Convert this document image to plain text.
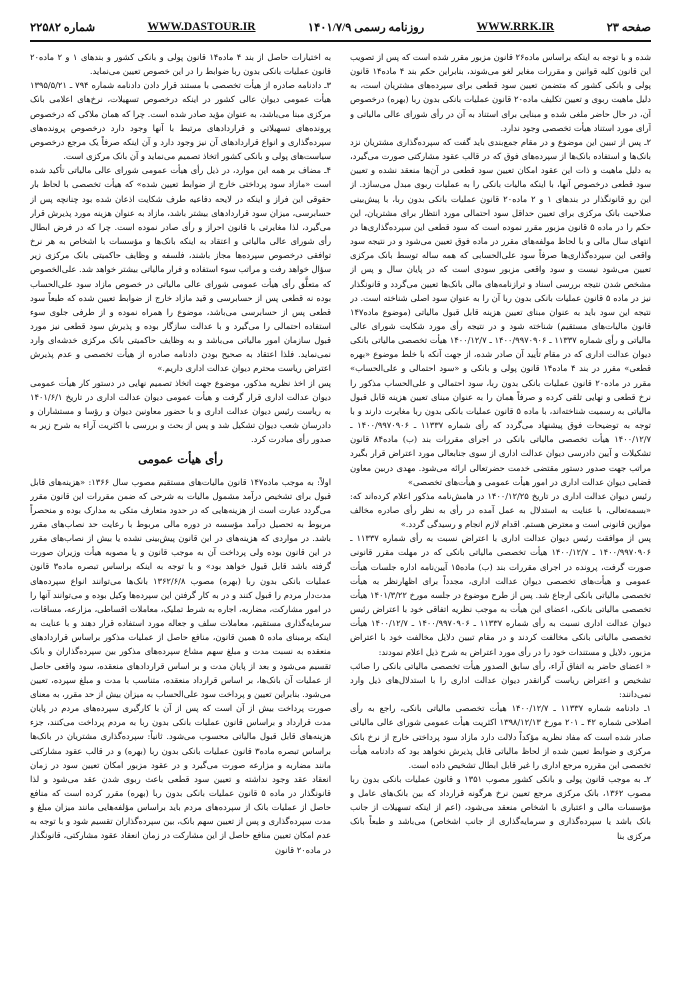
شماره ۲۲۵۸۲	WWW.DASTOUR.IR	روزنامه رسمی ۱۴۰۱/۷/۹	WWW.RRK.IR	صفحه ۲۳

شده و با توجه به اینکه براساس ماده۲۶ قانون مزبور مقرر شده است که پس از تصویب این قانون کلیه قوانین و مقررات مغایر لغو می‌شوند، بنابراین حکم بند ۴ ماده۱۴ قانون پولی و بانکی کشور که متضمن تعیین سود قطعی برای سپرده‌های مشتریان است، به دلیل ماهیت ربوی و تعیین تکلیف ماده۲۰ قانون عملیات بانکی بدون ربا (بهره) درخصوص آن، در حال حاضر ملغی شده و مبنایی برای استناد به آن در رأی شورای عالی مالیاتی و آرای مورد استناد هیأت تخصصی وجود ندارد.

۲ـ پس از تبیین این موضوع و در مقام جمع‌بندی باید گفت که سپرده‌گذاری مشتریان نزد بانک‌ها و استفاده بانک‌ها از سپرده‌های فوق که در قالب عقود مشارکتی صورت می‌گیرد، به دلیل ماهیت و ذات این عقود امکان تعیین سود قطعی در آن‌ها منعقد نشده و تعیین سود قطعی درخصوص آنها، با اینکه مالیات بانکی را به عملیات ربوی مبدل می‌سازد. از این رو قانونگذار در بندهای ۱ و ۲ ماده۲۰ قانون عملیات بانکی بدون ربا، با پیش‌بینی صلاحیت بانک مرکزی برای تعیین حداقل سود احتمالی مورد انتظار برای مشتریان، این حکم را در ماده ۵ قانون مزبور مقرر نموده است که سود قطعی این سپرده‌گذاری‌ها در انتهای سال مالی و با لحاظ مولفه‌های مقرر در ماده فوق تعیین می‌شود و در نتیجه سود واقعی این سپرده‌گذاری‌ها صرفاً سود علی‌الحسابی که همه ساله توسط بانک مرکزی تعیین می‌شود نیست و سود واقعی مزبور سودی است که در پایان سال و پس از مشخص شدن نتیجه بررسی اسناد و ترازنامه‌های مالی بانک‌ها تعیین می‌گردد و قانونگذار نیز در ماده ۵ قانون عملیات بانکی بدون ربا آن را به عنوان سود اصلی شناخته است. در نتیجه این سود باید به عنوان مبنای تعیین هزینه قابل قبول مالیاتی (موضوع ماده۱۴۷ قانون مالیات‌های مستقیم) شناخته شود و در نتیجه رأی مورد شکایت شورای عالی مالیاتی و رأی شماره ۱۱۳۳۷ ـ ۱۴۰۰/۹۹۷۰۹۰۶ ـ ۱۴۰۰/۱۲/۷ هیأت تخصصی مالیاتی بانکی دیوان عدالت اداری که در مقام تأیید آن صادر شده، از جهت آنکه با خلط موضوع «بهره قطعی» مقرر در بند ۴ ماده۱۴ قانون پولی و بانکی و «سود احتمالی و علی‌الحساب» مقرر در ماده۲۰ قانون عملیات بانکی بدون ربا، سود احتمالی و علی‌الحساب مذکور را نرخ قطعی و نهایی تلقی کرده و صرفاً همان را به عنوان مبنای تعیین هزینه قابل قبول مالیاتی به رسمیت شناخته‌اند، با ماده ۵ قانون عملیات بانکی بدون ربا مغایرت دارند و با توجه به توضیحات فوق پیشنهاد می‌گردد که رأی شماره ۱۱۳۳۷ ـ ۱۴۰۰/۹۹۷۰۹۰۶ ـ ۱۴۰۰/۱۲/۷ هیأت تخصصی مالیاتی بانکی در اجرای مقررات بند (ب) ماده۸۴ قانون تشکیلات و آیین دادرسی دیوان عدالت اداری از سوی جنابعالی مورد اعتراض قرار بگیرد مراتب جهت صدور دستور مقتضی خدمت حضرتعالی ارائه می‌شود. مهدی دربین معاون قضایی دیوان عدالت اداری در امور هیأت عمومی و هیأت‌های تخصصی»

رئیس دیوان عدالت اداری در تاریخ ۱۴۰۰/۱۲/۲۵ در هامش‌نامه مذکور اعلام کرده‌اند که: «بسمه‌تعالی، با عنایت به استدلال به عمل آمده در رأی به نظر رأی صادره مخالف موازین قانونی است و معترض هستم. اقدام لازم انجام و رسیدگی گردد.»

پس از موافقت رئیس دیوان عدالت اداری با اعتراض نسبت به رأی شماره ۱۱۳۳۷ ـ ۱۴۰۰/۹۹۷۰۹۰۶ ـ ۱۴۰۰/۱۲/۷ هیأت تخصصی مالیاتی بانکی که در مهلت مقرر قانونی صورت گرفت، پرونده در اجرای مقررات بند (ب) ماده۱۵ آیین‌نامه اداره جلسات هیأت عمومی و هیأت‌های تخصصی دیوان عدالت اداری، مجدداً برای اظهارنظر به هیأت تخصصی مالیاتی بانکی ارجاع شد. پس از طرح موضوع در جلسه مورخ ۱۴۰۱/۳/۲۲ هیأت تخصصی مالیاتی بانکی، اعضای این هیأت به موجب نظریه اتفاقی خود با اعتراض رئیس دیوان عدالت اداری نسبت به رأی شماره ۱۱۳۳۷ ـ ۱۴۰۰/۹۹۷۰۹۰۶ ـ ۱۴۰۰/۱۲/۷ هیأت تخصصی مالیاتی بانکی مخالفت کردند و در مقام تبیین دلایل مخالفت خود با اعتراض مزبور، دلایل و مستندات خود را در رأی مورد اعتراض به شرح ذیل اعلام نمودند:

« اعضای حاضر به اتفاق آراء، رأی سابق الصدور هیأت تخصصی مالیاتی بانکی را صائب تشخیص و اعتراض ریاست گرانقدر دیوان عدالت اداری را با استدلال‌های ذیل وارد نمی‌دانند:

۱ـ دادنامه شماره ۱۱۳۳۷ ـ ۱۴۰۰/۱۲/۷ هیأت تخصصی مالیاتی بانکی، راجع به رأی اصلاحی شماره ۴۲ ـ ۲۰۱ مورخ ۱۳۹۸/۱۲/۱۳ اکثریت هیأت عمومی شورای عالی مالیاتی صادر شده است که مفاد نظریه مؤکداً دلالت دارد مازاد سود پرداختی خارج از نرخ بانک مرکزی و ضوابط تعیین شده از لحاظ مالیاتی قابل پذیرش نخواهد بود که دادنامه هیأت تخصصی این مقرره مرجع اداری را غیر قابل ابطال تشخیص داده است.

۲ـ به موجب قانون پولی و بانکی کشور مصوب ۱۳۵۱ و قانون عملیات بانکی بدون ربا مصوب ۱۳۶۲، بانک مرکزی مرجع تعیین نرخ هرگونه قرارداد که بین بانک‌های عامل و مؤسسات مالی و اعتباری با اشخاص منعقد می‌شود، (اعم از اینکه تسهیلات از جانب بانک باشد یا سپرده‌گذاری و سرمایه‌گذاری از جانب اشخاص) می‌باشد و طبعاً بانک مرکزی بنا

به اختیارات حاصل از بند ۴ ماده۱۴ قانون پولی و بانکی کشور و بندهای ۱ و ۲ ماده۲۰ قانون عملیات بانکی بدون ربا ضوابط را در این خصوص تعیین می‌نماید.

۳ـ دادنامه صادره از هیأت تخصصی با مستند قرار دادن دادنامه شماره ۷۹۴ ـ ۱۳۹۵/۵/۲۱ هیأت عمومی دیوان عالی کشور در اینکه درخصوص تسهیلات، نرخ‌های اعلامی بانک مرکزی مبنا می‌باشد، به عنوان مؤید صادر شده است. چرا که همان ملاکی که درخصوص پرونده‌های تسهیلاتی و قراردادهای مرتبط با آنها وجود دارد درخصوص پرونده‌های سپرده‌گذاری و انواع قراردادهای آن نیز وجود دارد و آن اینکه صرفاً یک مرجع درخصوص سیاست‌های پولی و بانکی کشور اتخاذ تصمیم می‌نماید و آن بانک مرکزی است.

۴ـ مضاف بر همه این موارد، در ذیل رأی هیأت عمومی شورای عالی مالیاتی تأکید شده است «مازاد سود پرداختی خارج از ضوابط تعیین شده» که هیأت تخصصی با لحاظ بار حقوقی این فراز و اینکه در لایحه دفاعیه طرف شکایت اذعان شده بود چنانچه پس از حسابرسی، میزان سود قراردادهای بیشتر باشد، مازاد به عنوان هزینه مورد پذیرش قرار می‌گیرد، لذا مغایرتی با قانون احراز و رأی صادر نموده است. چرا که در فرض ابطال رأی شورای عالی مالیاتی و اعتقاد به اینکه بانک‌ها و مؤسسات با اشخاص به هر نرخ توافقی درخصوص سپرده‌ها مجاز باشند، فلسفه و وظایف حاکمیتی بانک مرکزی زیر سؤال خواهد رفت و مراتب سوء استفاده و فرار مالیاتی بیشتر خواهد شد. علی‌الخصوص که متعلَّق رأی هیأت عمومی شورای عالی مالیاتی در خصوص مازاد سود علی‌الحساب بوده نه قطعی پس از حسابرسی و قید مازاد خارج از ضوابط تعیین شده که طبعاً سود قطعی پس از حسابرسی می‌باشد، موضوع را همراه نموده و از طرفی جلوی سوء استفاده احتمالی را می‌گیرد و با عدالت سازگار بوده و پذیرش سود قطعی نیز مورد قبول سازمان امور مالیاتی می‌باشد و به وظایف حاکمیتی بانک مرکزی خدشه‌ای وارد نمی‌نماید. فلذا اعتقاد به صحیح بودن دادنامه صادره از هیأت تخصصی و عدم پذیرش اعتراض ریاست محترم دیوان عدالت اداری داریم.»

پس از اخذ نظریه مذکور، موضوع جهت اتخاذ تصمیم نهایی در دستور کار هیأت عمومی دیوان عدالت اداری قرار گرفت و هیأت عمومی دیوان عدالت اداری در تاریخ ۱۴۰۱/۶/۱ به ریاست رئیس دیوان عدالت اداری و با حضور معاونین دیوان و رؤسا و مستشاران و دادرسان شعب دیوان تشکیل شد و پس از بحث و بررسی با اکثریت آراء به شرح زیر به صدور رأی مبادرت کرد.

رأی هیأت عمومی

اولاً: به موجب ماده۱۴۷ قانون مالیات‌های مستقیم مصوب سال ۱۳۶۶: «هزینه‌های قابل قبول برای تشخیص درآمد مشمول مالیات به شرحی که ضمن مقررات این قانون مقرر می‌گردد عبارت است از هزینه‌هایی که در حدود متعارف متکی به مدارک بوده و منحصراً مربوط به تحصیل درآمد مؤسسه در دوره مالی مربوط با رعایت حد نصاب‌های مقرر باشد. در مواردی که هزینه‌های در این قانون پیش‌بینی نشده یا بیش از نصاب‌های مقرر در این قانون بوده ولی پرداخت آن به موجب قانون و یا مصوبه هیأت وزیران صورت گرفته باشد قابل قبول خواهد بود» و با توجه به اینکه براساس تبصره ماده۳ قانون عملیات بانکی بدون ربا (بهره) مصوب ۱۳۶۲/۶/۸ بانک‌ها می‌توانند انواع سپرده‌های مدت‌دار مردم را قبول کنند و در به کار گرفتن این سپرده‌ها وکیل بوده و می‌توانند آنها را در امور مشارکت، مضاربه، اجاره به شرط تملیک، معاملات اقساطی، مزارعه، مساقات، سرمایه‌گذاری مستقیم، معاملات سلف و جعاله مورد استفاده قرار دهند و با عنایت به اینکه برمبنای ماده ۵ همین قانون، منافع حاصل از عملیات مذکور براساس قراردادهای منعقده به نسبت مدت و مبلغ سهم مشاع سپرده‌های مذکور بین سپرده‌گذاران و بانک تقسیم می‌شود و بعد از پایان مدت و بر اساس قراردادهای منعقده، سود واقعی حاصل از عملیات آن بانک‌ها، بر اساس قرارداد منعقده، متناسب با مدت و مبلغ سپرده، تعیین می‌شود. بنابراین تعیین و پرداخت سود علی‌الحساب به میزان بیش از حد مقرر، به معنای صورت پرداخت بیش از آن است که پس از آن با کارگیری سپرده‌های مردم در پایان مدت قرارداد و براساس قانون عملیات بانکی بدون ربا به مردم پرداخت می‌کنند، جزء هزینه‌های قابل قبول مالیاتی محسوب می‌شود. ثانیاً: سپرده‌گذاری مشتریان در بانک‌ها براساس تبصره ماده۳ قانون عملیات بانکی بدون ربا (بهره) و در قالب عقود مشارکتی مانند مضاربه و مزارعه صورت می‌گیرد و در عقود مزبور امکان تعیین سود در زمان انعقاد عقد وجود نداشته و تعیین سود قطعی باعث ربوی شدن عقد می‌شود و لذا قانونگذار در ماده ۵ قانون عملیات بانکی بدون ربا (بهره) مقرر کرده است که منافع حاصل از عملیات بانک از سپرده‌های مردم باید براساس مؤلفه‌هایی مانند میزان مبلغ و مدت سپرده‌گذاری و پس از تعیین سهم بانک، بین سپرده‌گذاران تقسیم شود و با توجه به عدم امکان تعیین منافع حاصل از این مشارکت در زمان انعقاد عقود مشارکتی، قانونگذار در ماده۲۰ قانون
